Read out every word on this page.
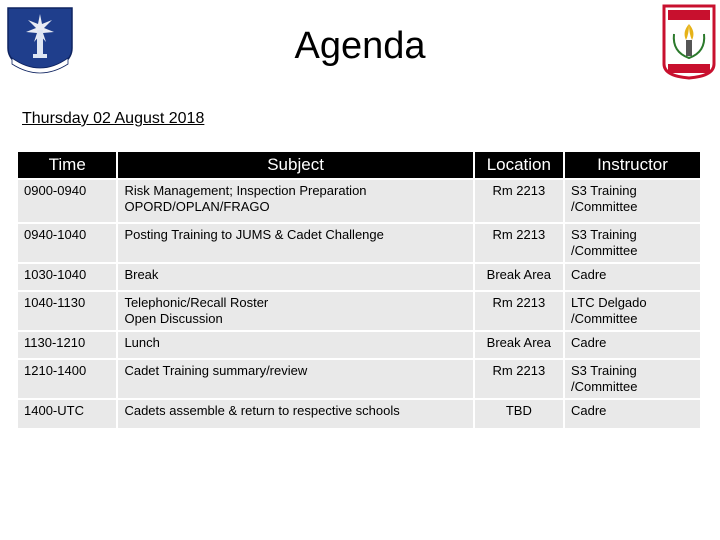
Agenda
Thursday 02 August 2018
Time	Subject	Location	Instructor
0900-0940	Risk Management; Inspection Preparation
OPORD/OPLAN/FRAGO	Rm 2213	S3 Training
/Committee

0940-1040	Posting Training to JUMS & Cadet Challenge	Rm 2213	S3 Training
/Committee

1030-1040	Break	Break Area	Cadre

1040-1130	Telephonic/Recall Roster
Open Discussion	Rm 2213	LTC Delgado
/Committee

1130-1210	Lunch	Break Area	Cadre

1210-1400	Cadet Training summary/review	Rm 2213	S3 Training
/Committee

1400-UTC	Cadets assemble & return to respective schools	TBD	Cadre
